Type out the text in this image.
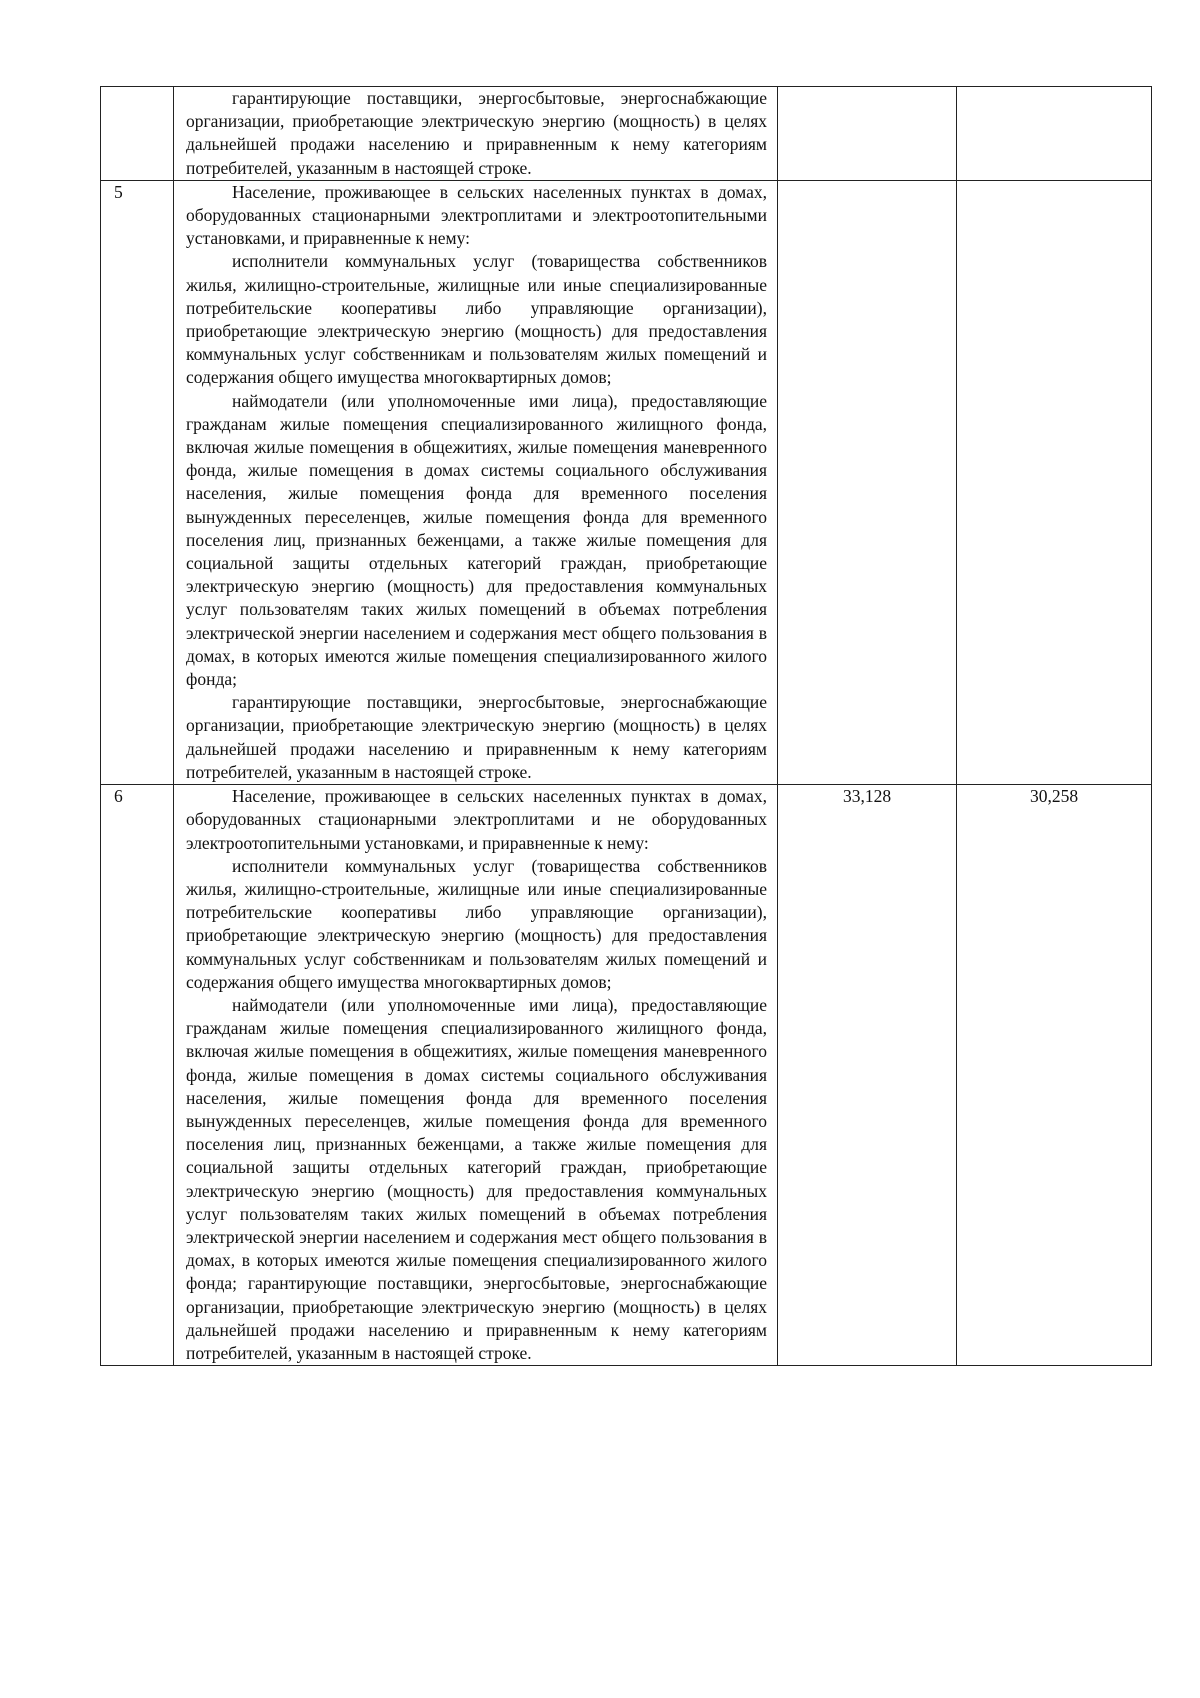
	гарантирующие поставщики, энергосбытовые, энергоснабжающие организации, приобретающие электрическую энергию (мощность) в целях дальнейшей продажи населению и приравненным к нему категориям потребителей, указанным в настоящей строке.		

5	Население, проживающее в сельских населенных пунктах в домах, оборудованных стационарными электроплитами и электроотопительными установками, и приравненные к нему:

исполнители коммунальных услуг (товарищества собственников жилья, жилищно-строительные, жилищные или иные специализированные потребительские кооперативы либо управляющие организации), приобретающие электрическую энергию (мощность) для предоставления коммунальных услуг собственникам и пользователям жилых помещений и содержания общего имущества многоквартирных домов;

наймодатели (или уполномоченные ими лица), предоставляющие гражданам жилые помещения специализированного жилищного фонда, включая жилые помещения в общежитиях, жилые помещения маневренного фонда, жилые помещения в домах системы социального обслуживания населения, жилые помещения фонда для временного поселения вынужденных переселенцев, жилые помещения фонда для временного поселения лиц, признанных беженцами, а также жилые помещения для социальной защиты отдельных категорий граждан, приобретающие электрическую энергию (мощность) для предоставления коммунальных услуг пользователям таких жилых помещений в объемах потребления электрической энергии населением и содержания мест общего пользования в домах, в которых имеются жилые помещения специализированного жилого фонда;

гарантирующие поставщики, энергосбытовые, энергоснабжающие организации, приобретающие электрическую энергию (мощность) в целях дальнейшей продажи населению и приравненным к нему категориям потребителей, указанным в настоящей строке.		

6	Население, проживающее в сельских населенных пунктах в домах, оборудованных стационарными электроплитами и не оборудованных электроотопительными установками, и приравненные к нему:

исполнители коммунальных услуг (товарищества собственников жилья, жилищно-строительные, жилищные или иные специализированные потребительские кооперативы либо управляющие организации), приобретающие электрическую энергию (мощность) для предоставления коммунальных услуг собственникам и пользователям жилых помещений и содержания общего имущества многоквартирных домов;

наймодатели (или уполномоченные ими лица), предоставляющие гражданам жилые помещения специализированного жилищного фонда, включая жилые помещения в общежитиях, жилые помещения маневренного фонда, жилые помещения в домах системы социального обслуживания населения, жилые помещения фонда для временного поселения вынужденных переселенцев, жилые помещения фонда для временного поселения лиц, признанных беженцами, а также жилые помещения для социальной защиты отдельных категорий граждан, приобретающие электрическую энергию (мощность) для предоставления коммунальных услуг пользователям таких жилых помещений в объемах потребления электрической энергии населением и содержания мест общего пользования в домах, в которых имеются жилые помещения специализированного жилого фонда; гарантирующие поставщики, энергосбытовые, энергоснабжающие организации, приобретающие электрическую энергию (мощность) в целях дальнейшей продажи населению и приравненным к нему категориям потребителей, указанным в настоящей строке.	33,128	30,258
